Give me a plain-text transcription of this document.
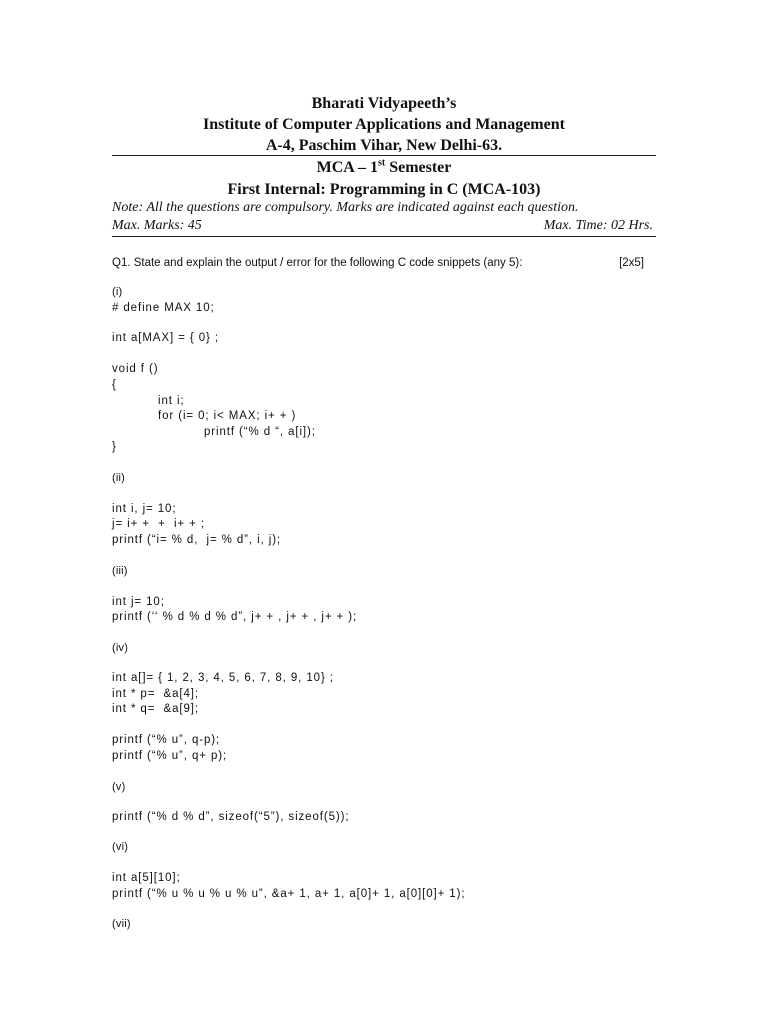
Bharati Vidyapeeth’s
Institute of Computer Applications and Management
A-4, Paschim Vihar, New Delhi-63.
MCA – 1st Semester
First Internal: Programming in C (MCA-103)
Note: All the questions are compulsory. Marks are indicated against each question.
Max. Marks: 45	Max. Time: 02 Hrs.
Q1. State and explain the output / error for the following C code snippets (any 5):	[2x5]
(i)
# define MAX 10;
int a[MAX] = { 0} ;
void f ()
{
int i;
for (i= 0; i< MAX; i+ + )
printf (“% d “, a[i]);
}
(ii)
int i, j= 10;
j= i+ +  +  i+ + ;
printf (“i= % d,  j= % d”, i, j);
(iii)
int j= 10;
printf (‘‘ % d % d % d”, j+ + , j+ + , j+ + );
(iv)
int a[]= { 1, 2, 3, 4, 5, 6, 7, 8, 9, 10} ;
int * p=  &a[4];
int * q=  &a[9];
printf (“% u”, q-p);
printf (“% u”, q+ p);
(v)
printf (“% d % d”, sizeof(“5”), sizeof(5));
(vi)
int a[5][10];
printf (“% u % u % u % u”, &a+ 1, a+ 1, a[0]+ 1, a[0][0]+ 1);
(vii)
